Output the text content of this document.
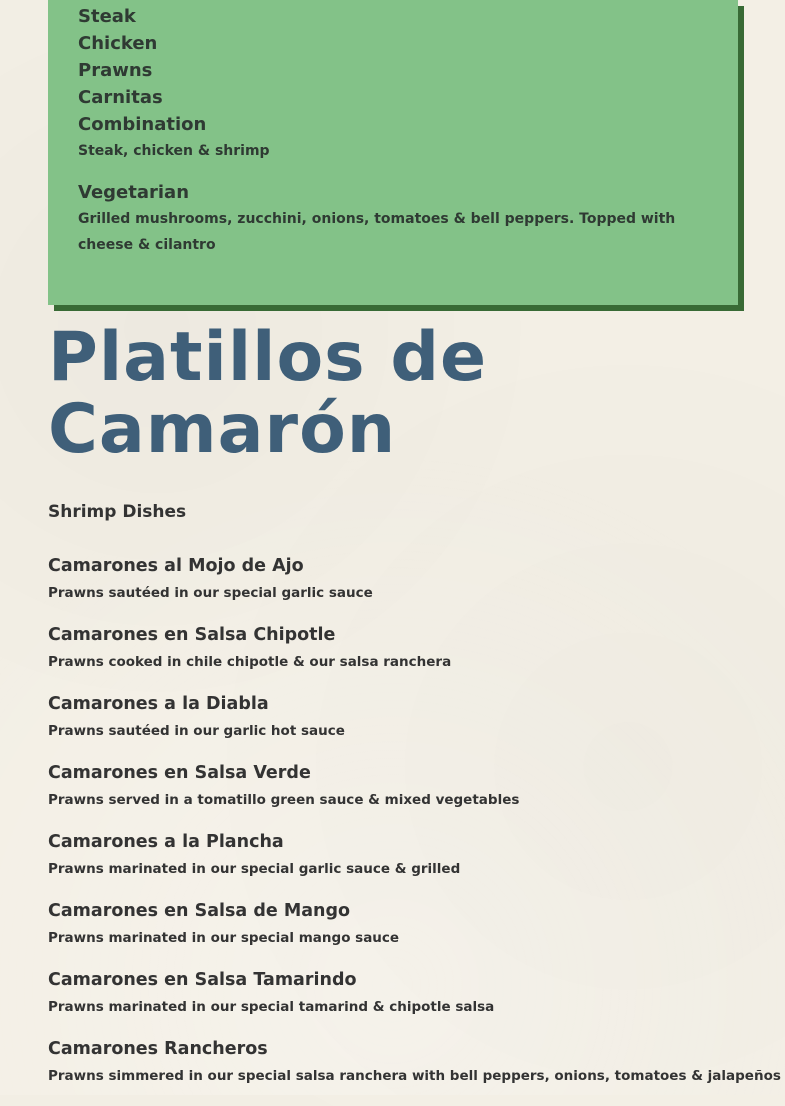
Steak
Chicken
Prawns
Carnitas
Combination
Steak, chicken & shrimp
Vegetarian
Grilled mushrooms, zucchini, onions, tomatoes & bell peppers. Topped with cheese & cilantro
Platillos de
Camarón
Shrimp Dishes
Camarones al Mojo de Ajo
Prawns sautéed in our special garlic sauce
Camarones en Salsa Chipotle
Prawns cooked in chile chipotle & our salsa ranchera
Camarones a la Diabla
Prawns sautéed in our garlic hot sauce
Camarones en Salsa Verde
Prawns served in a tomatillo green sauce & mixed vegetables
Camarones a la Plancha
Prawns marinated in our special garlic sauce & grilled
Camarones en Salsa de Mango
Prawns marinated in our special mango sauce
Camarones en Salsa Tamarindo
Prawns marinated in our special tamarind & chipotle salsa
Camarones Rancheros
Prawns simmered in our special salsa ranchera with bell peppers, onions, tomatoes & jalapeños
